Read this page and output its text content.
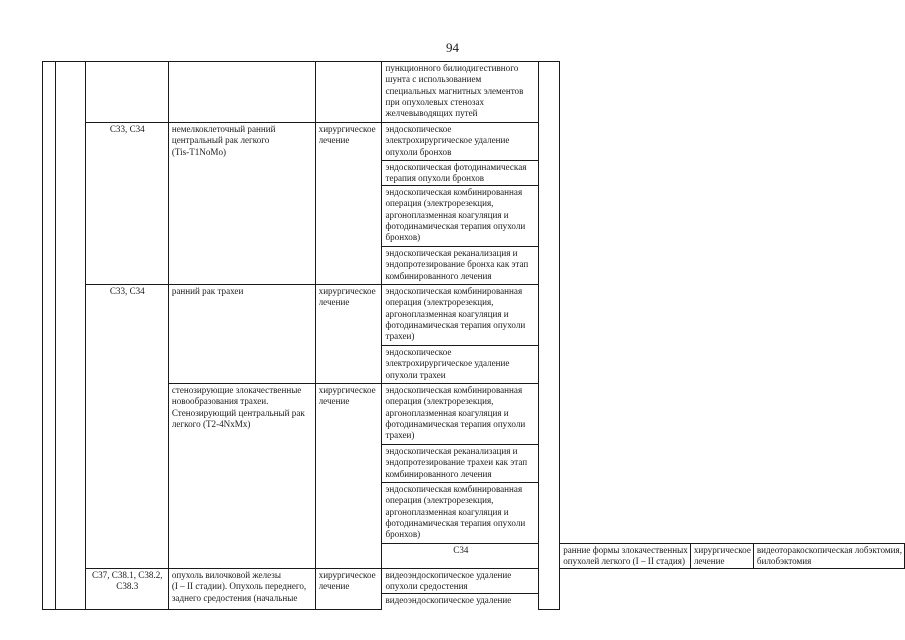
94

					пункционного билиодигестивного
шунта с использованием
специальных магнитных элементов
при опухолевых стенозах
желчевыводящих путей				

		С33, С34	немелкоклеточный ранний
центральный рак легкого
(Tis-T1NoMo)	хирургическое
лечение	эндоскопическое
электрохирургическое удаление
опухоли бронхов				

					эндоскопическая фотодинамическая
терапия опухоли бронхов				

					эндоскопическая комбинированная
операция (электрорезекция,
аргоноплазменная коагуляция и
фотодинамическая терапия опухоли
бронхов)				

					эндоскопическая реканализация и
эндопротезирование бронха как этап
комбинированного лечения				

		С33, С34	ранний рак трахеи	хирургическое
лечение	эндоскопическая комбинированная
операция (электрорезекция,
аргоноплазменная коагуляция и
фотодинамическая терапия опухоли
трахеи)				

					эндоскопическое
электрохирургическое удаление
опухоли трахеи				

			стенозирующие злокачественные
новообразования трахеи.
Стенозирующий центральный рак
легкого (Т2-4NxMx)	хирургическое
лечение	эндоскопическая комбинированная
операция (электрорезекция,
аргоноплазменная коагуляция и
фотодинамическая терапия опухоли
трахеи)				

					эндоскопическая реканализация и
эндопротезирование трахеи как этап
комбинированного лечения				

					эндоскопическая комбинированная
операция (электрорезекция,
аргоноплазменная коагуляция и
фотодинамическая терапия опухоли
бронхов)				

					С34		ранние формы злокачественных
опухолей легкого (I – II стадия)	хирургическое
лечение	видеоторакоскопическая лобэктомия,
билобэктомия

		С37, С38.1, С38.2,
С38.3	опухоль вилочковой железы
(I – II стадии). Опухоль переднего,
заднего средостения (начальные	хирургическое
лечение	видеоэндоскопическое удаление
опухоли средостения				

					видеоэндоскопическое удаление				
